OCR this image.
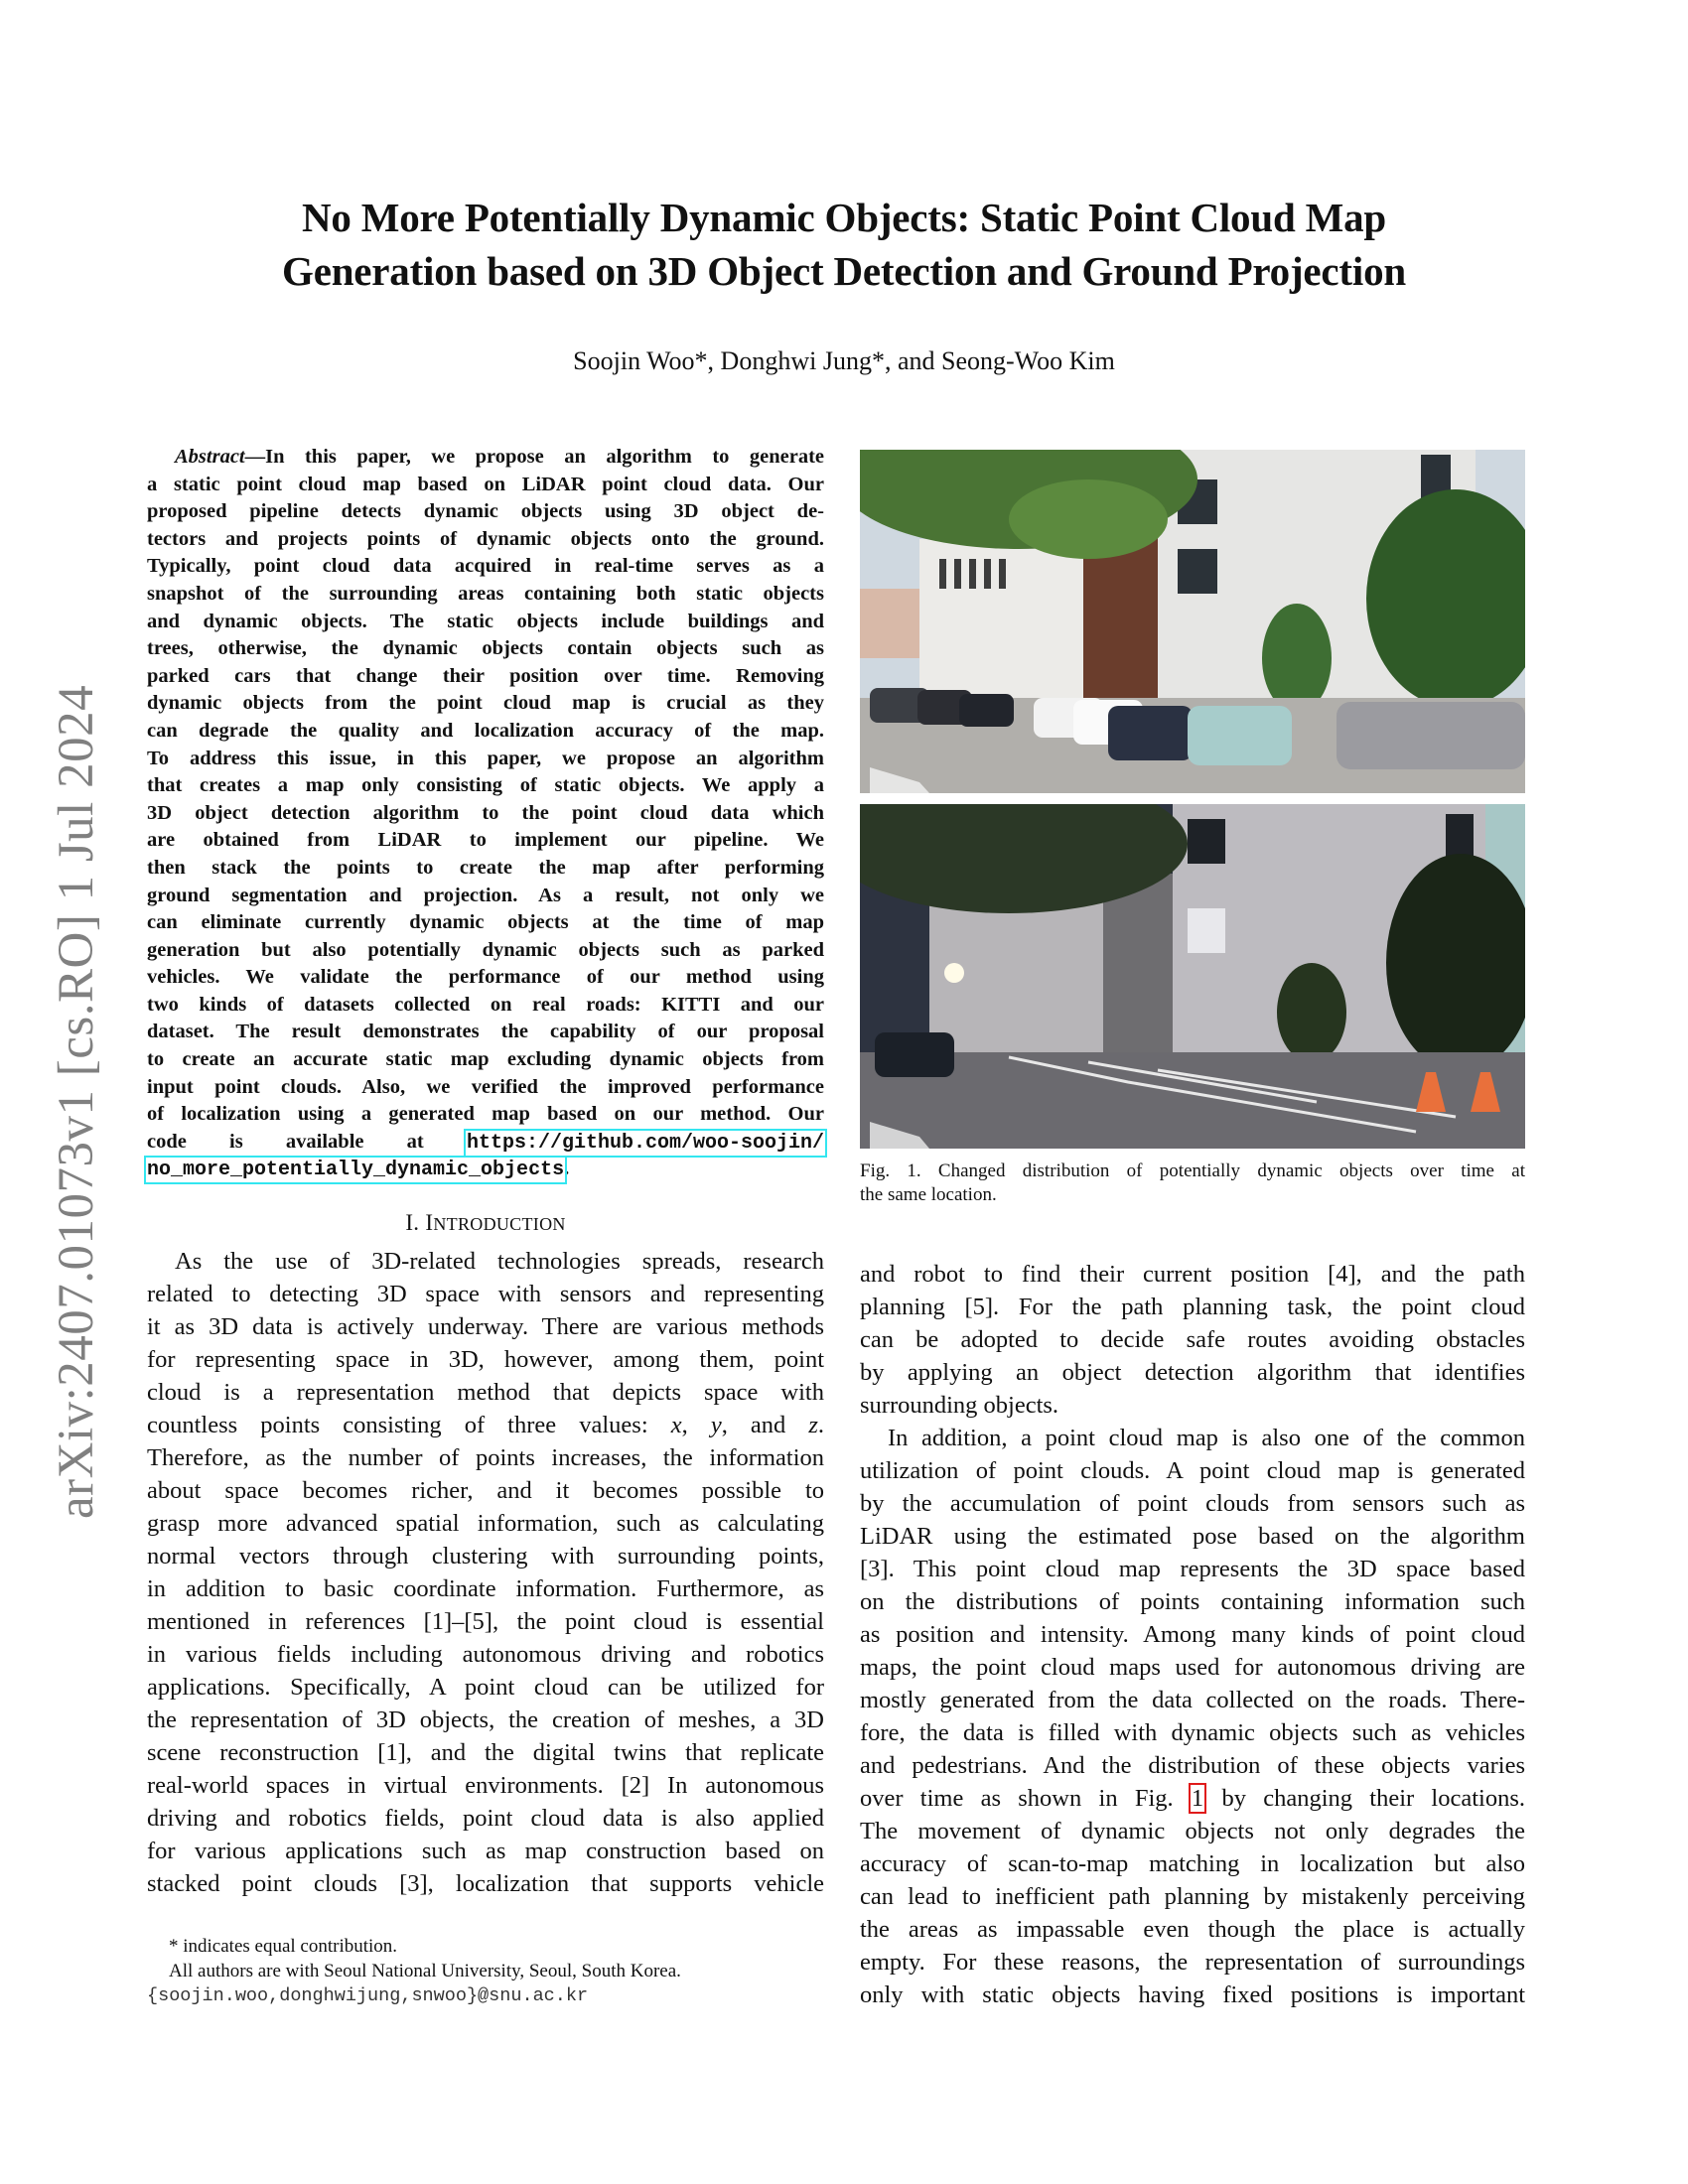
arXiv:2407.01073v1 [cs.RO] 1 Jul 2024
No More Potentially Dynamic Objects: Static Point Cloud Map
Generation based on 3D Object Detection and Ground Projection
Soojin Woo*, Donghwi Jung*, and Seong-Woo Kim
Abstract—In this paper, we propose an algorithm to generate
a static point cloud map based on LiDAR point cloud data. Our
proposed pipeline detects dynamic objects using 3D object de-
tectors and projects points of dynamic objects onto the ground.
Typically, point cloud data acquired in real-time serves as a
snapshot of the surrounding areas containing both static objects
and dynamic objects. The static objects include buildings and
trees, otherwise, the dynamic objects contain objects such as
parked cars that change their position over time. Removing
dynamic objects from the point cloud map is crucial as they
can degrade the quality and localization accuracy of the map.
To address this issue, in this paper, we propose an algorithm
that creates a map only consisting of static objects. We apply a
3D object detection algorithm to the point cloud data which
are obtained from LiDAR to implement our pipeline. We
then stack the points to create the map after performing
ground segmentation and projection. As a result, not only we
can eliminate currently dynamic objects at the time of map
generation but also potentially dynamic objects such as parked
vehicles. We validate the performance of our method using
two kinds of datasets collected on real roads: KITTI and our
dataset. The result demonstrates the capability of our proposal
to create an accurate static map excluding dynamic objects from
input point clouds. Also, we verified the improved performance
of localization using a generated map based on our method. Our
code is available at https://github.com/woo-soojin/
no_more_potentially_dynamic_objects.
I. INTRODUCTION
As the use of 3D-related technologies spreads, research
related to detecting 3D space with sensors and representing
it as 3D data is actively underway. There are various methods
for representing space in 3D, however, among them, point
cloud is a representation method that depicts space with
countless points consisting of three values: x, y, and z.
Therefore, as the number of points increases, the information
about space becomes richer, and it becomes possible to
grasp more advanced spatial information, such as calculating
normal vectors through clustering with surrounding points,
in addition to basic coordinate information. Furthermore, as
mentioned in references [1]–[5], the point cloud is essential
in various fields including autonomous driving and robotics
applications. Specifically, A point cloud can be utilized for
the representation of 3D objects, the creation of meshes, a 3D
scene reconstruction [1], and the digital twins that replicate
real-world spaces in virtual environments. [2] In autonomous
driving and robotics fields, point cloud data is also applied
for various applications such as map construction based on
stacked point clouds [3], localization that supports vehicle
* indicates equal contribution.
All authors are with Seoul National University, Seoul, South Korea.
{soojin.woo,donghwijung,snwoo}@snu.ac.kr
Fig. 1. Changed distribution of potentially dynamic objects over time at
the same location.
and robot to find their current position [4], and the path
planning [5]. For the path planning task, the point cloud
can be adopted to decide safe routes avoiding obstacles
by applying an object detection algorithm that identifies
surrounding objects.
In addition, a point cloud map is also one of the common
utilization of point clouds. A point cloud map is generated
by the accumulation of point clouds from sensors such as
LiDAR using the estimated pose based on the algorithm
[3]. This point cloud map represents the 3D space based
on the distributions of points containing information such
as position and intensity. Among many kinds of point cloud
maps, the point cloud maps used for autonomous driving are
mostly generated from the data collected on the roads. There-
fore, the data is filled with dynamic objects such as vehicles
and pedestrians. And the distribution of these objects varies
over time as shown in Fig. 1 by changing their locations.
The movement of dynamic objects not only degrades the
accuracy of scan-to-map matching in localization but also
can lead to inefficient path planning by mistakenly perceiving
the areas as impassable even though the place is actually
empty. For these reasons, the representation of surroundings
only with static objects having fixed positions is important
